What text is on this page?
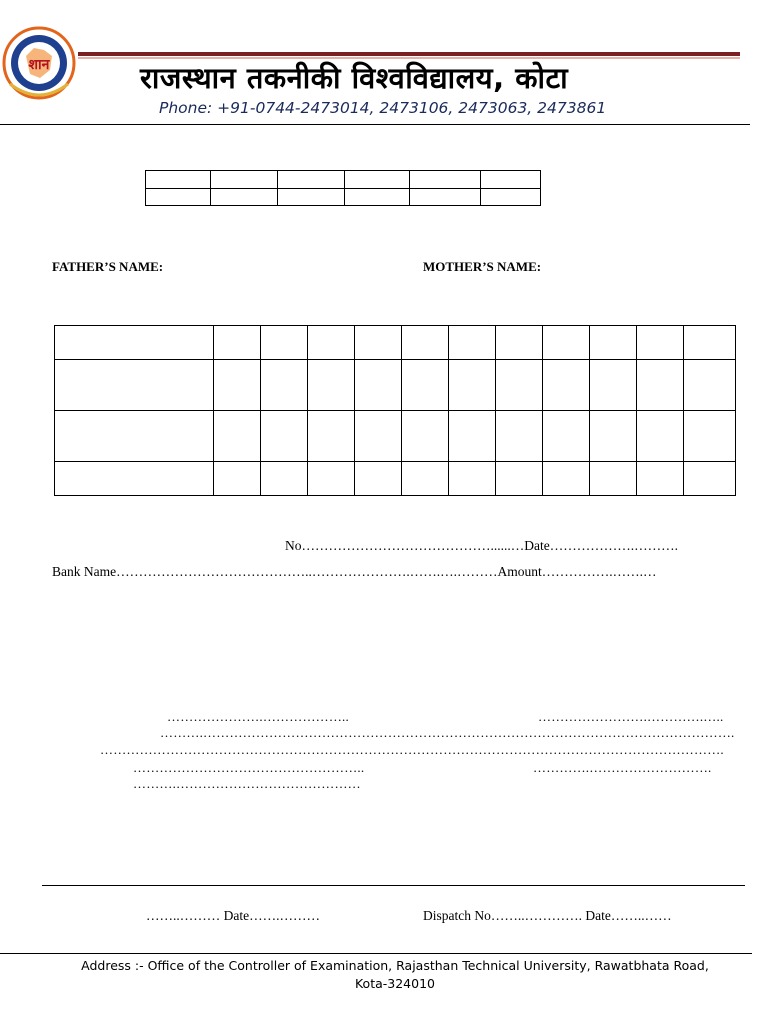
शान	राजस्थान तकनीकी विश्वविद्यालय, कोटा
Phone: +91-0744-2473014, 2473106, 2473063, 2473861

FATHER’S NAME:	MOTHER’S NAME:

No……………………………………......…Date……………….……….
Bank Name……………………………………..………………….…….….………Amount…………….…….…
………………….………………..	…………………….………….…..
……….………………………………………………………………………………………………………….
…………………………………………………………………………………………………………………………….
……………………………………………..	………….……………………….
……….……………………………………
……..……… Date…….………	Dispatch No……..…………. Date……..……
Address :- Office of the Controller of Examination, Rajasthan Technical University, Rawatbhata Road,
Kota-324010
